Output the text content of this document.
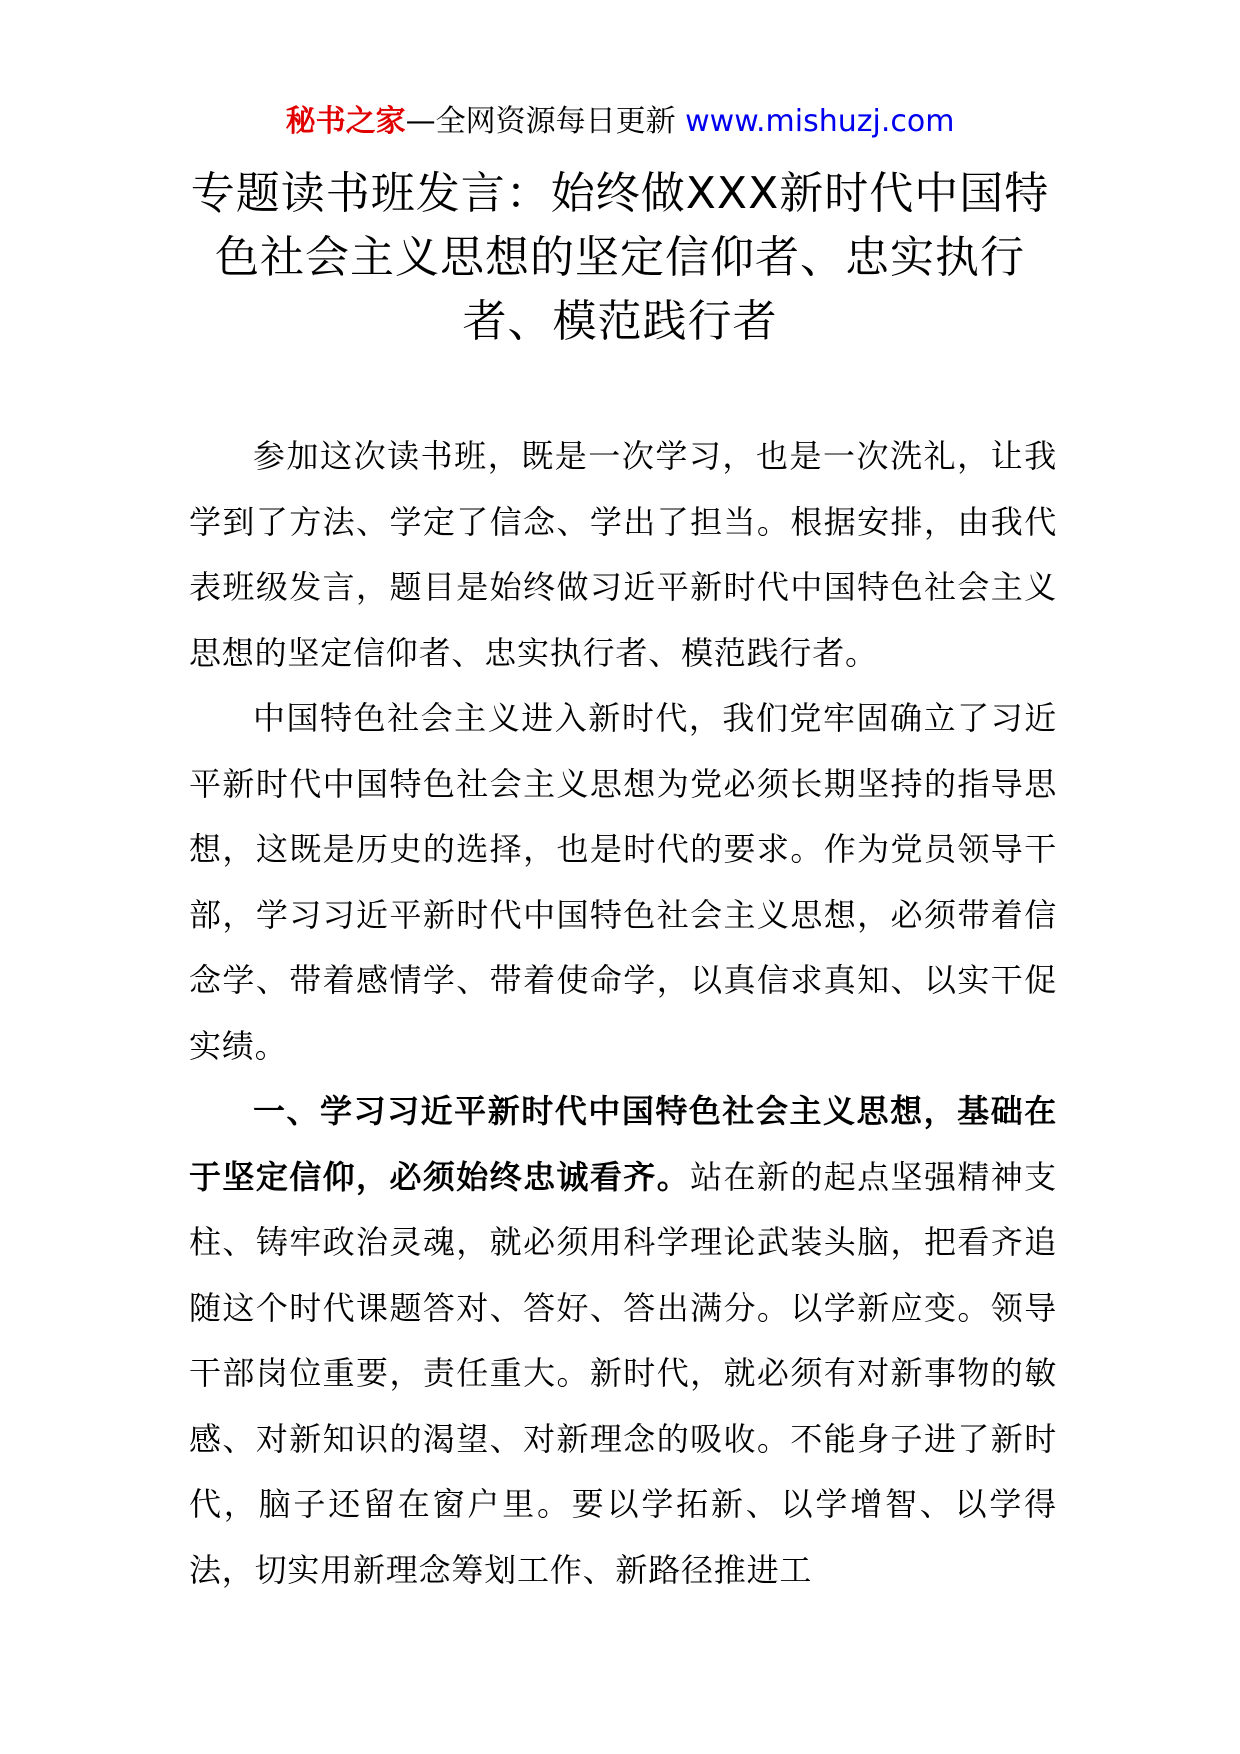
秘书之家—全网资源每日更新 www.mishuzj.com
专题读书班发言：始终做XXX新时代中国特色社会主义思想的坚定信仰者、忠实执行者、模范践行者

参加这次读书班，既是一次学习，也是一次洗礼，让我学到了方法、学定了信念、学出了担当。根据安排，由我代表班级发言，题目是始终做习近平新时代中国特色社会主义思想的坚定信仰者、忠实执行者、模范践行者。

中国特色社会主义进入新时代，我们党牢固确立了习近平新时代中国特色社会主义思想为党必须长期坚持的指导思想，这既是历史的选择，也是时代的要求。作为党员领导干部，学习习近平新时代中国特色社会主义思想，必须带着信念学、带着感情学、带着使命学，以真信求真知、以实干促实绩。

一、学习习近平新时代中国特色社会主义思想，基础在于坚定信仰，必须始终忠诚看齐。站在新的起点坚强精神支柱、铸牢政治灵魂，就必须用科学理论武装头脑，把看齐追随这个时代课题答对、答好、答出满分。以学新应变。领导干部岗位重要，责任重大。新时代，就必须有对新事物的敏感、对新知识的渴望、对新理念的吸收。不能身子进了新时代，脑子还留在窗户里。要以学拓新、以学增智、以学得法，切实用新理念筹划工作、新路径推进工
